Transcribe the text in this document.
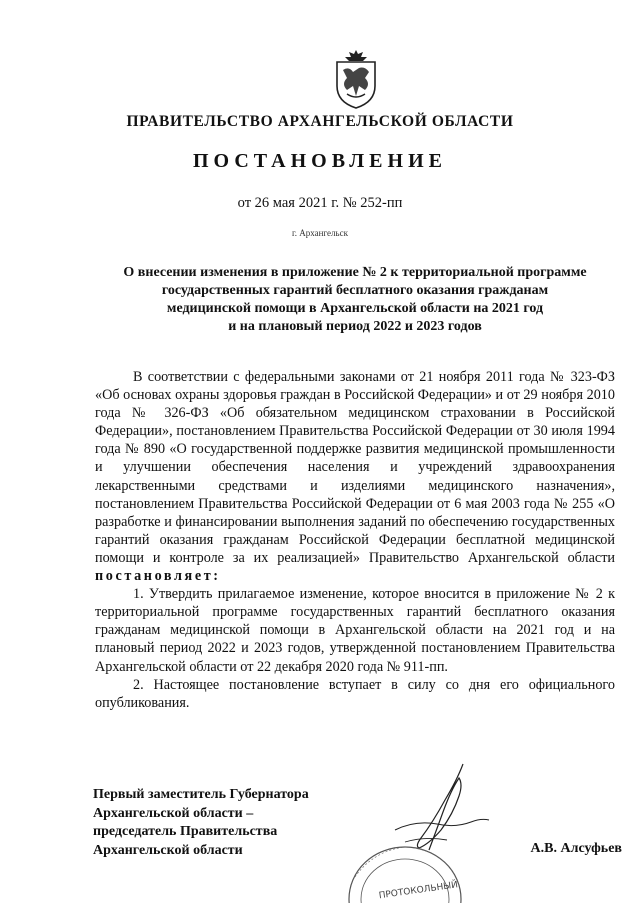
ПРАВИТЕЛЬСТВО АРХАНГЕЛЬСКОЙ ОБЛАСТИ
ПОСТАНОВЛЕНИЕ
от 26 мая 2021 г. № 252-пп
г. Архангельск
О внесении изменения в приложение № 2 к территориальной программе
государственных гарантий бесплатного оказания гражданам
медицинской помощи в Архангельской области на 2021 год
и на плановый период 2022 и 2023 годов

В соответствии с федеральными законами от 21 ноября 2011 года № 323-ФЗ «Об основах охраны здоровья граждан в Российской Федерации» и от 29 ноября 2010 года № 326-ФЗ «Об обязательном медицинском страховании в Российской Федерации», постановлением Правительства Российской Федерации от 30 июля 1994 года № 890 «О государственной поддержке развития медицинской промышленности и улучшении обеспечения населения и учреждений здравоохранения лекарственными средствами и изделиями медицинского назначения», постановлением Правительства Российской Федерации от 6 мая 2003 года № 255 «О разработке и финансировании выполнения заданий по обеспечению государственных гарантий оказания гражданам Российской Федерации бесплатной медицинской помощи и контроле за их реализацией» Правительство Архангельской области постановляет:

1. Утвердить прилагаемое изменение, которое вносится в приложение № 2 к территориальной программе государственных гарантий бесплатного оказания гражданам медицинской помощи в Архангельской области на 2021 год и на плановый период 2022 и 2023 годов, утвержденной постановлением Правительства Архангельской области от 22 декабря 2020 года № 911-пп.

2. Настоящее постановление вступает в силу со дня его официального опубликования.

Первый заместитель Губернатора
Архангельской области –
председатель Правительства
Архангельской области
ПРОТОКОЛЬНЫЙ
А.В. Алсуфьев
